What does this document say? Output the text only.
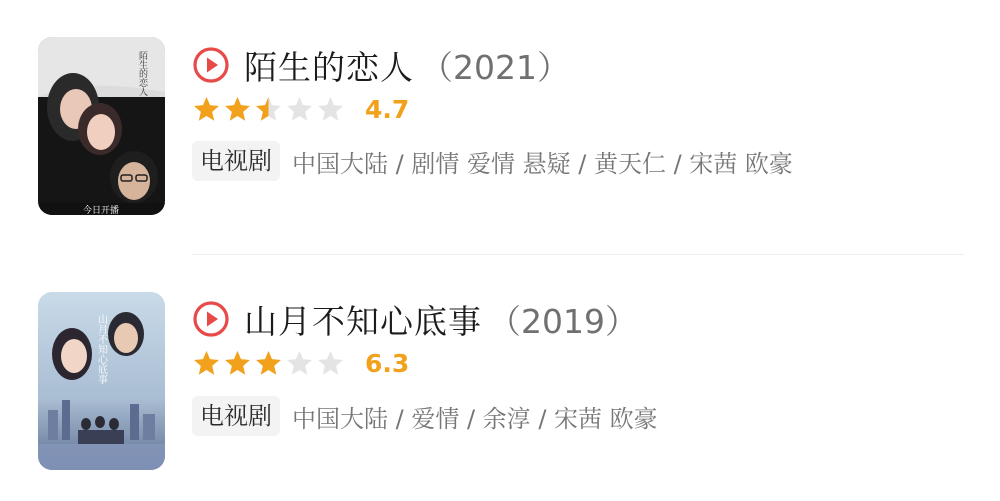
陌生的恋人
今日开播
陌生的恋人 （2021）
4.7
电视剧 中国大陆 / 剧情 爱情 悬疑 / 黄天仁 / 宋茜 欧豪
山月不知心底事	山月不知心底事 （2019）
6.3
电视剧 中国大陆 / 爱情 / 余淳 / 宋茜 欧豪
